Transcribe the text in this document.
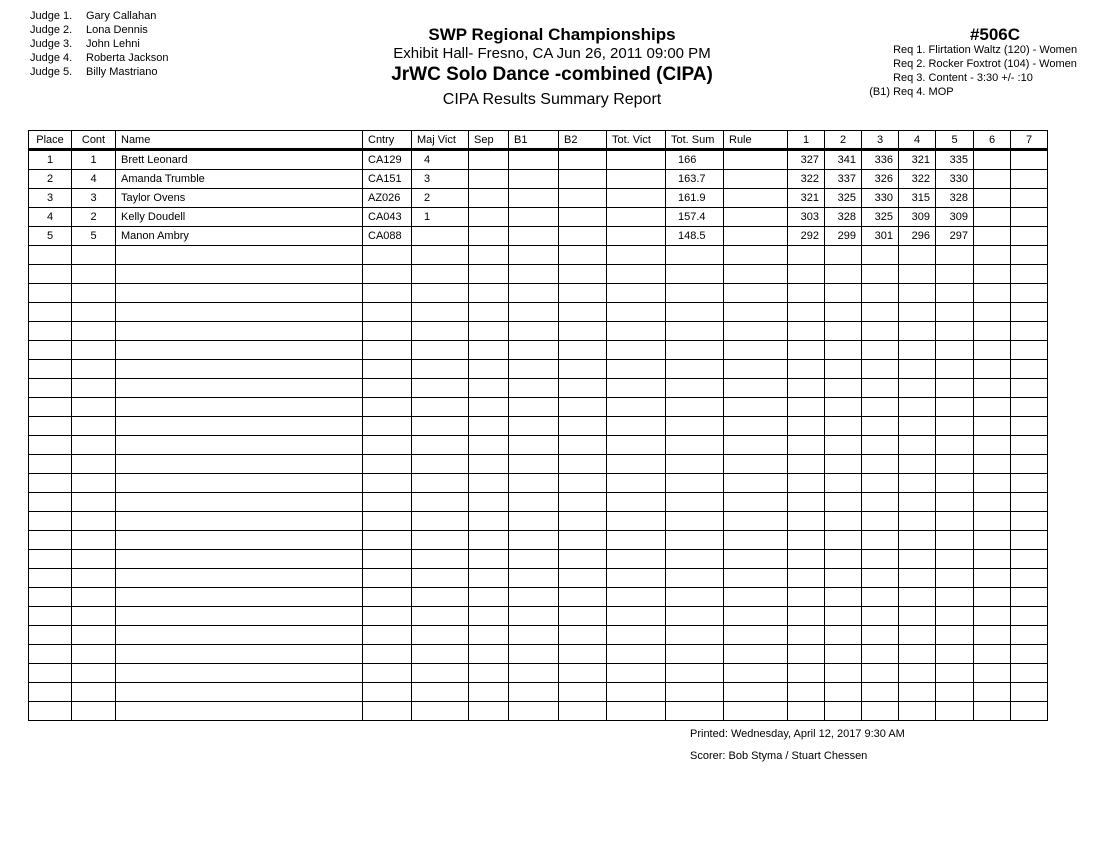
Judge 1. Gary Callahan
Judge 2. Lona Dennis
Judge 3. John Lehni
Judge 4. Roberta Jackson
Judge 5. Billy Mastriano
SWP Regional Championships
Exhibit Hall- Fresno, CA Jun 26, 2011 09:00 PM
JrWC Solo Dance -combined (CIPA)
CIPA Results Summary Report
#506C
Req 1. Flirtation Waltz (120) - Women
Req 2. Rocker Foxtrot (104) - Women
Req 3. Content - 3:30 +/- :10
(B1) Req 4. MOP
Place	Cont	Name	Cntry	Maj Vict	Sep	B1	B2	Tot. Vict	Tot. Sum	Rule	1	2	3	4	5	6	7
1	1	Brett Leonard	CA129	4					166		327	341	336	321	335		
2	4	Amanda Trumble	CA151	3					163.7		322	337	326	322	330		
3	3	Taylor Ovens	AZ026	2					161.9		321	325	330	315	328		
4	2	Kelly Doudell	CA043	1					157.4		303	328	325	309	309		
5	5	Manon Ambry	CA088						148.5		292	299	301	296	297		

Printed: Wednesday, April 12, 2017 9:30 AM
Scorer: Bob Styma / Stuart Chessen
